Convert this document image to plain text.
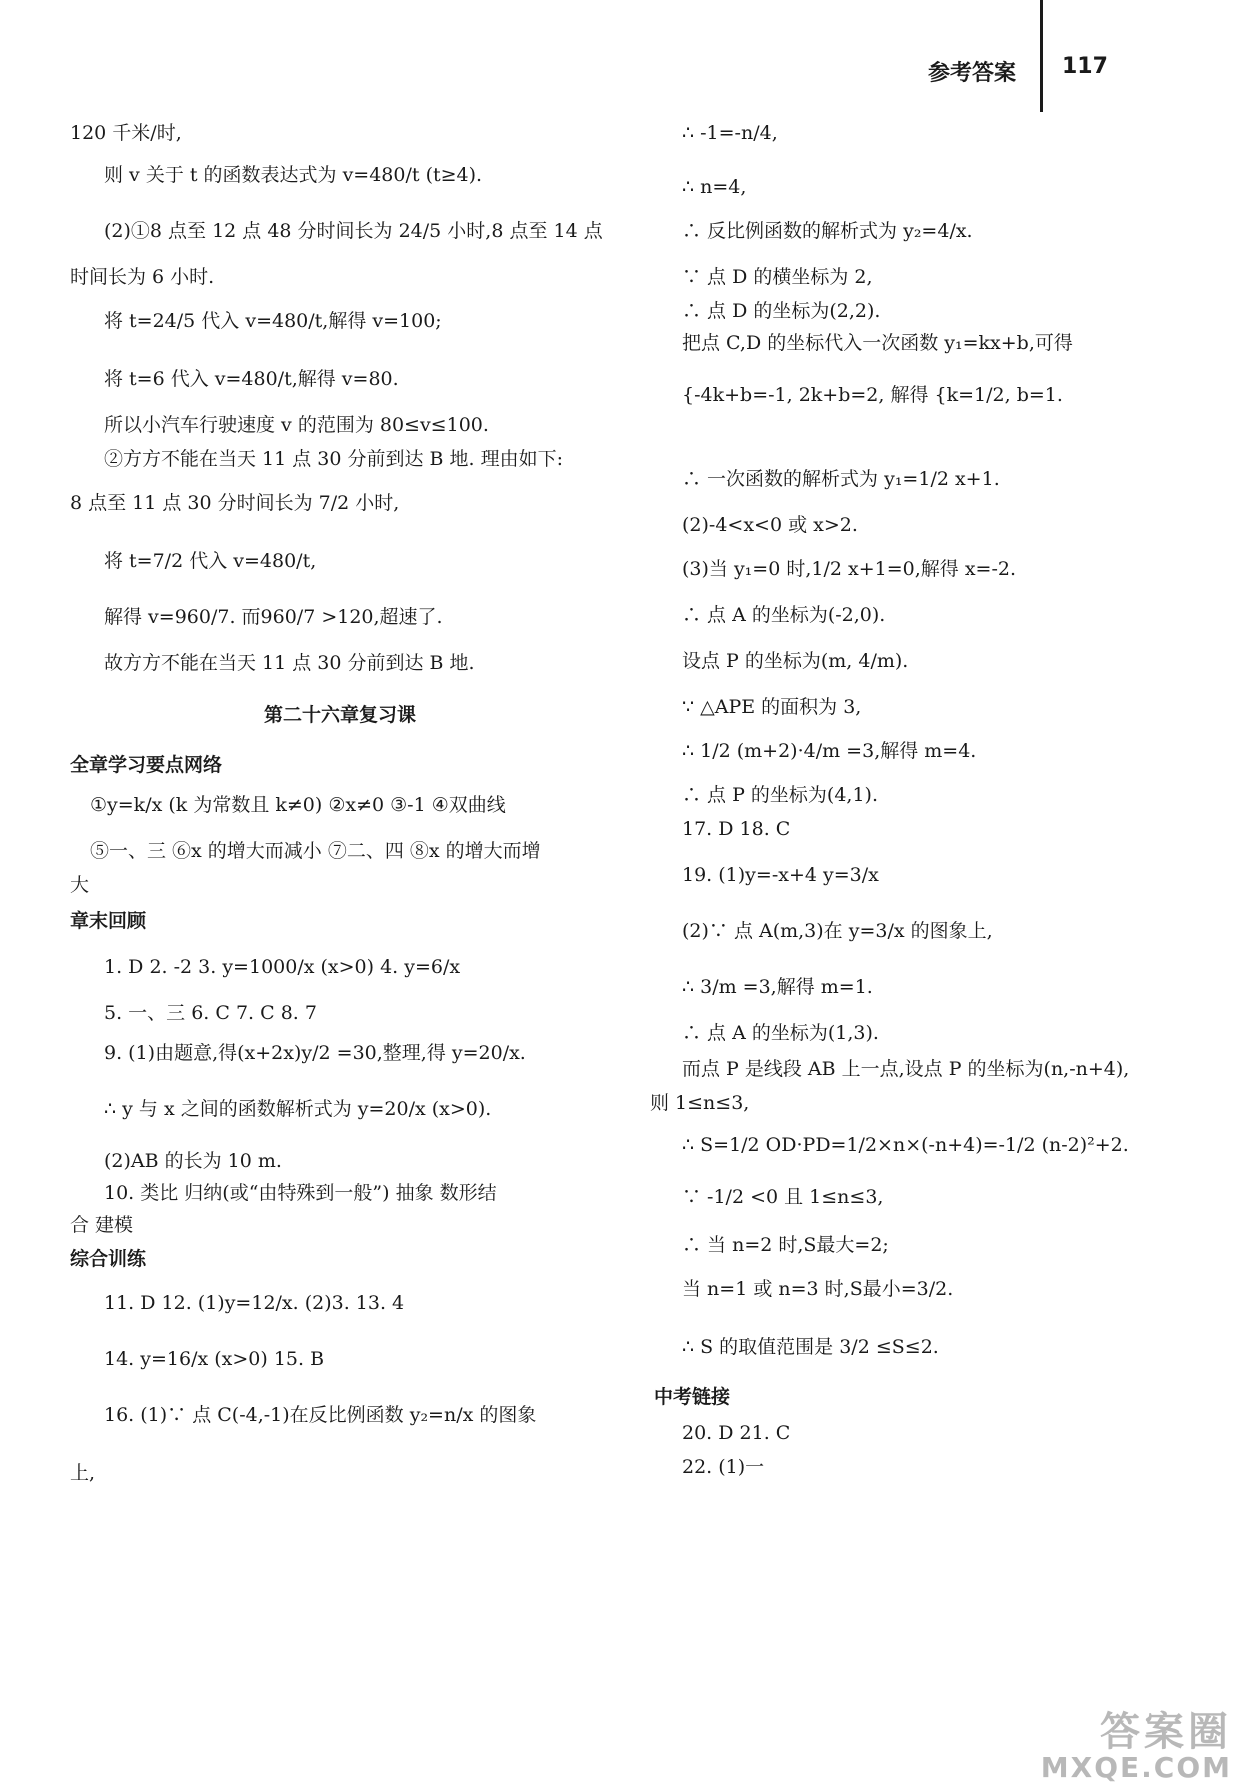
参考答案 117
120 千米/时,
则 v 关于 t 的函数表达式为 v=480/t (t≥4).
(2)①8 点至 12 点 48 分时间长为 24/5 小时,8 点至 14 点
时间长为 6 小时.
将 t=24/5 代入 v=480/t,解得 v=100;
将 t=6 代入 v=480/t,解得 v=80.
所以小汽车行驶速度 v 的范围为 80≤v≤100.
②方方不能在当天 11 点 30 分前到达 B 地. 理由如下:
8 点至 11 点 30 分时间长为 7/2 小时,
将 t=7/2 代入 v=480/t,
解得 v=960/7. 而960/7 >120,超速了.
故方方不能在当天 11 点 30 分前到达 B 地.
第二十六章复习课
全章学习要点网络
①y=k/x (k 为常数且 k≠0) ②x≠0 ③-1 ④双曲线
⑤一、三 ⑥x 的增大而减小 ⑦二、四 ⑧x 的增大而增
大
章末回顾
1. D 2. -2 3. y=1000/x (x>0) 4. y=6/x
5. 一、三 6. C 7. C 8. 7
9. (1)由题意,得(x+2x)y/2 =30,整理,得 y=20/x.
∴ y 与 x 之间的函数解析式为 y=20/x (x>0).
(2)AB 的长为 10 m.
10. 类比 归纳(或“由特殊到一般”) 抽象 数形结
合 建模
综合训练
11. D 12. (1)y=12/x. (2)3. 13. 4
14. y=16/x (x>0) 15. B
16. (1)∵ 点 C(-4,-1)在反比例函数 y₂=n/x 的图象
上,
∴ -1=-n/4,
∴ n=4,
∴ 反比例函数的解析式为 y₂=4/x.
∵ 点 D 的横坐标为 2,
∴ 点 D 的坐标为(2,2).
把点 C,D 的坐标代入一次函数 y₁=kx+b,可得
{-4k+b=-1, 2k+b=2, 解得 {k=1/2, b=1.
∴ 一次函数的解析式为 y₁=1/2 x+1.
(2)-4<x<0 或 x>2.
(3)当 y₁=0 时,1/2 x+1=0,解得 x=-2.
∴ 点 A 的坐标为(-2,0).
设点 P 的坐标为(m, 4/m).
∵ △APE 的面积为 3,
∴ 1/2 (m+2)·4/m =3,解得 m=4.
∴ 点 P 的坐标为(4,1).
17. D 18. C
19. (1)y=-x+4 y=3/x
(2)∵ 点 A(m,3)在 y=3/x 的图象上,
∴ 3/m =3,解得 m=1.
∴ 点 A 的坐标为(1,3).
而点 P 是线段 AB 上一点,设点 P 的坐标为(n,-n+4),
则 1≤n≤3,
∴ S=1/2 OD·PD=1/2×n×(-n+4)=-1/2 (n-2)²+2.
∵ -1/2 <0 且 1≤n≤3,
∴ 当 n=2 时,S最大=2;
当 n=1 或 n=3 时,S最小=3/2.
∴ S 的取值范围是 3/2 ≤S≤2.
中考链接
20. D 21. C
22. (1)一
答案圈
MXQE.COM
